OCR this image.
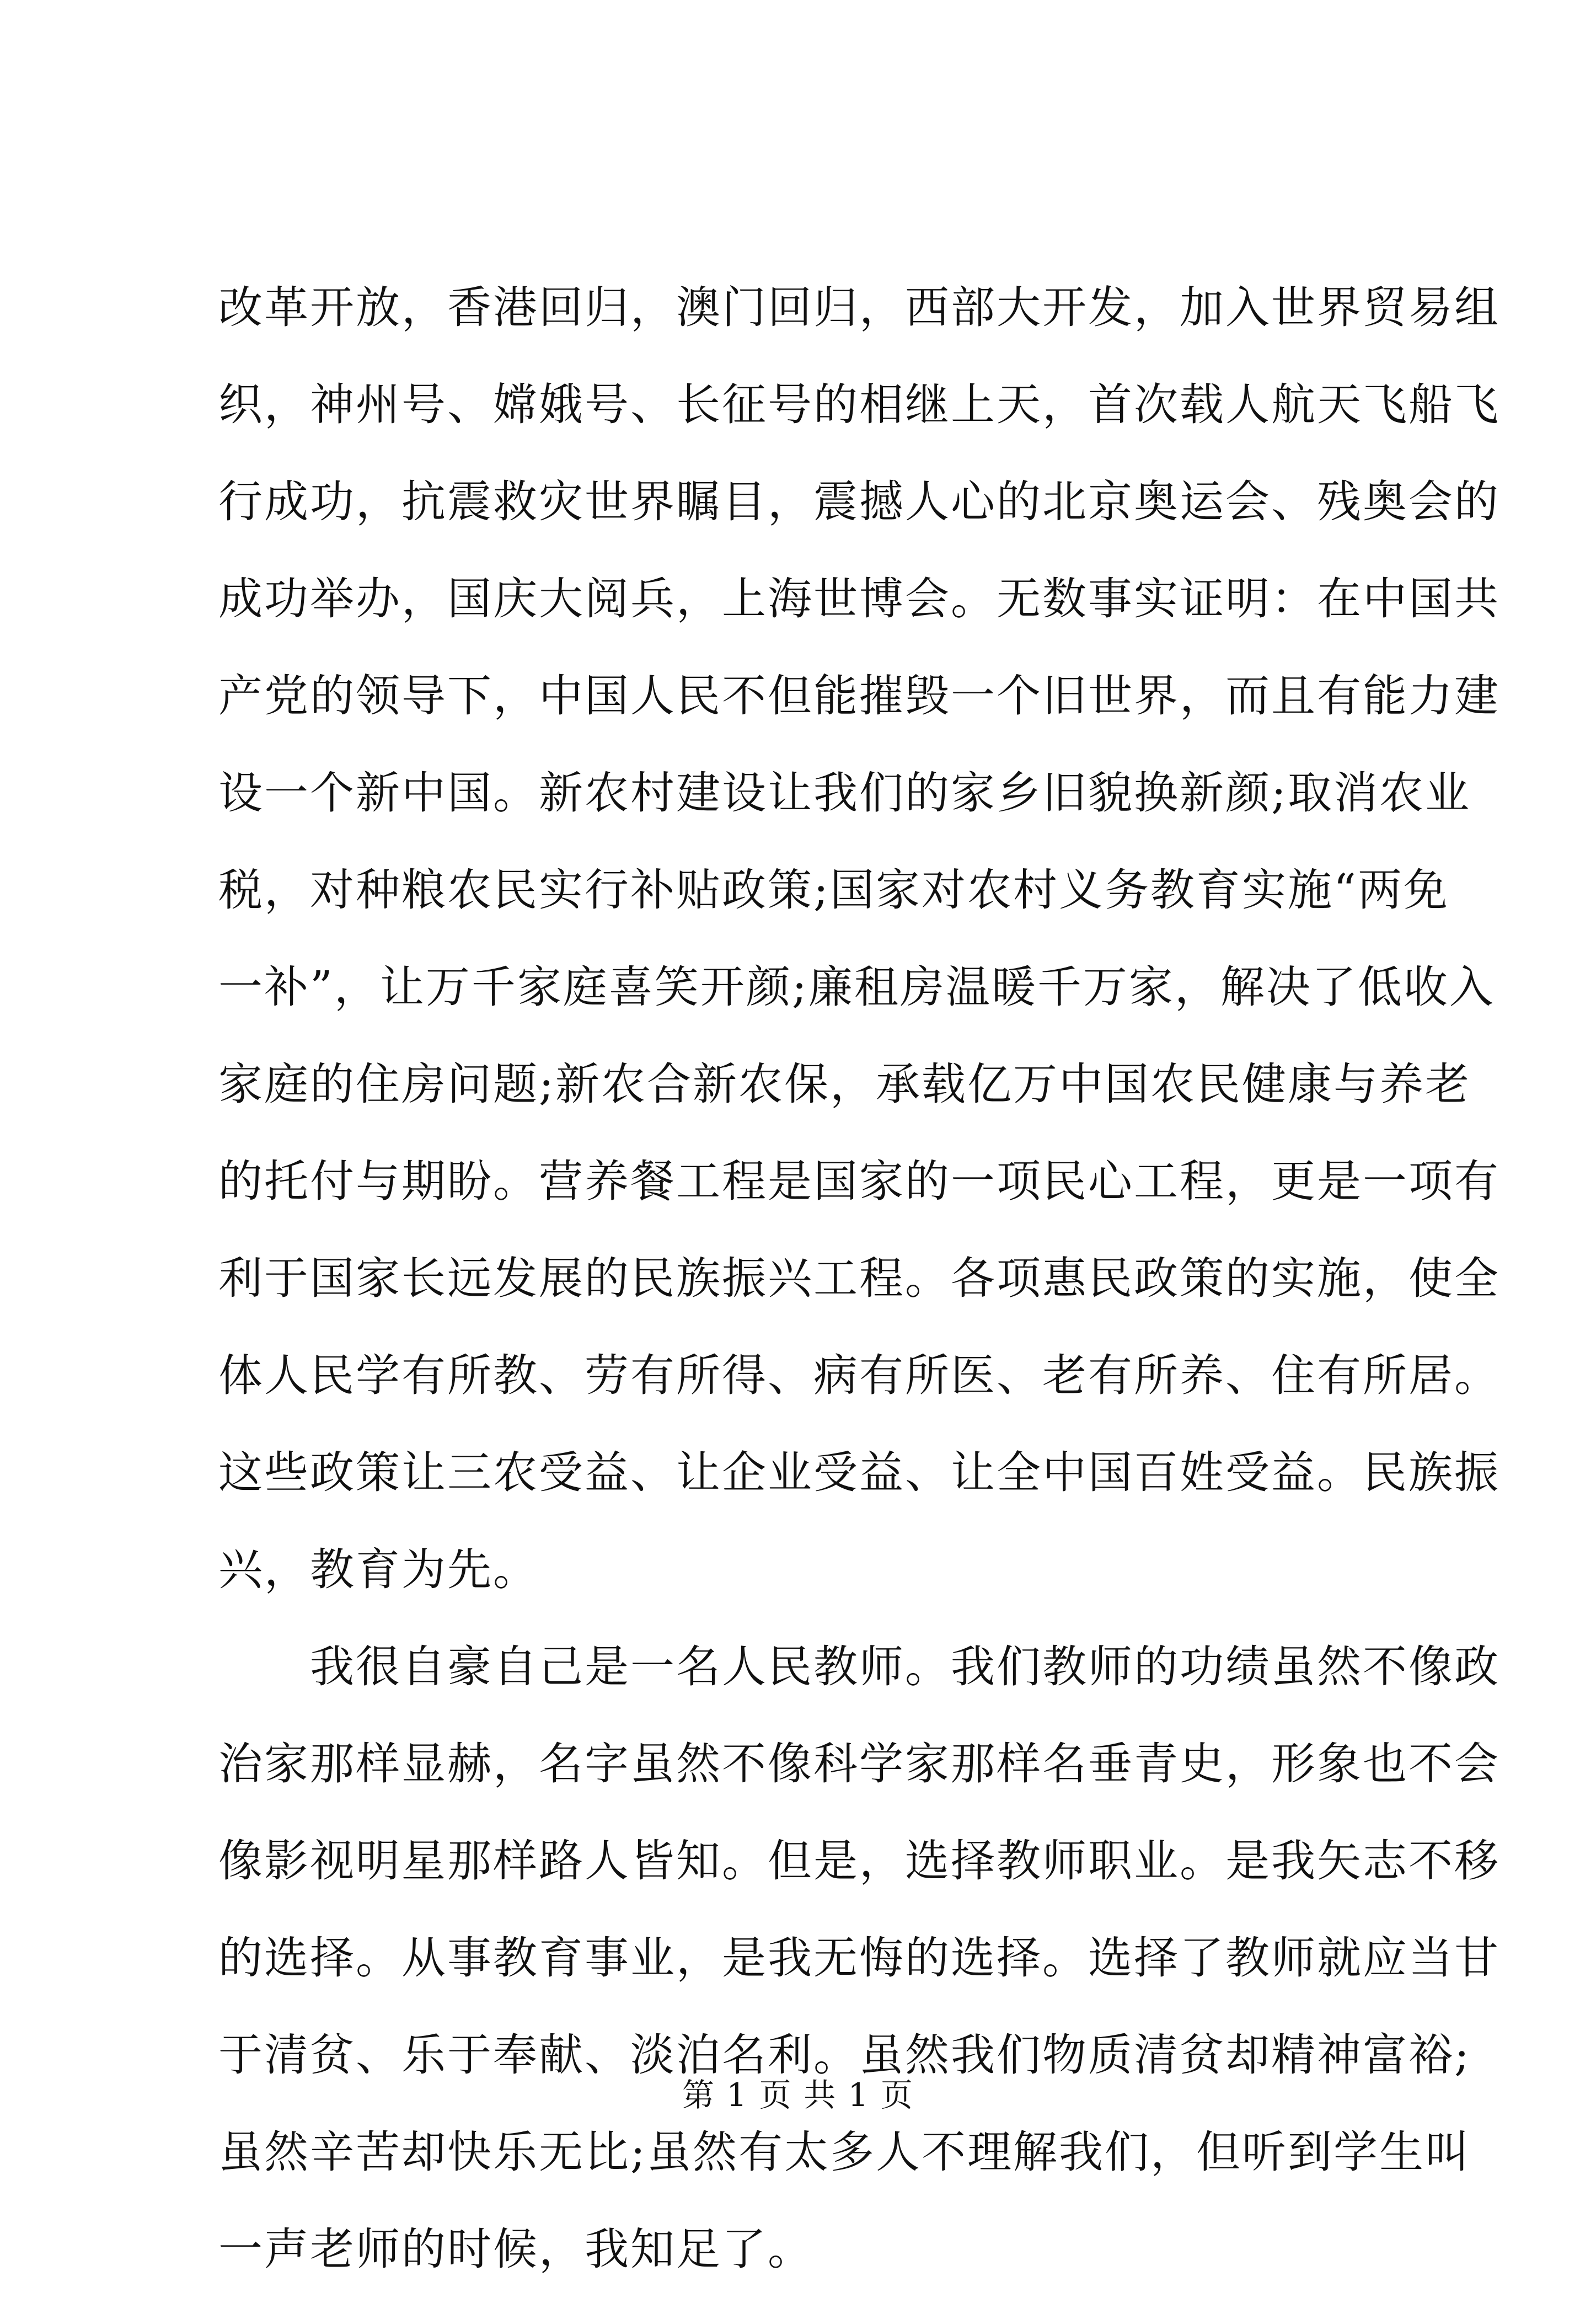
改革开放，香港回归，澳门回归，西部大开发，加入世界贸易组
织，神州号、嫦娥号、长征号的相继上天，首次载人航天飞船飞
行成功，抗震救灾世界瞩目，震撼人心的北京奥运会、残奥会的
成功举办，国庆大阅兵，上海世博会。无数事实证明：在中国共
产党的领导下，中国人民不但能摧毁一个旧世界，而且有能力建
设一个新中国。新农村建设让我们的家乡旧貌换新颜;取消农业
税，对种粮农民实行补贴政策;国家对农村义务教育实施“两免
一补”，让万千家庭喜笑开颜;廉租房温暖千万家，解决了低收入
家庭的住房问题;新农合新农保，承载亿万中国农民健康与养老
的托付与期盼。营养餐工程是国家的一项民心工程，更是一项有
利于国家长远发展的民族振兴工程。各项惠民政策的实施，使全
体人民学有所教、劳有所得、病有所医、老有所养、住有所居。
这些政策让三农受益、让企业受益、让全中国百姓受益。民族振
兴，教育为先。
　　我很自豪自己是一名人民教师。我们教师的功绩虽然不像政
治家那样显赫，名字虽然不像科学家那样名垂青史，形象也不会
像影视明星那样路人皆知。但是，选择教师职业。是我矢志不移
的选择。从事教育事业，是我无悔的选择。选择了教师就应当甘
于清贫、乐于奉献、淡泊名利。虽然我们物质清贫却精神富裕;
虽然辛苦却快乐无比;虽然有太多人不理解我们，但听到学生叫
一声老师的时候，我知足了。
第 1 页 共 1 页
